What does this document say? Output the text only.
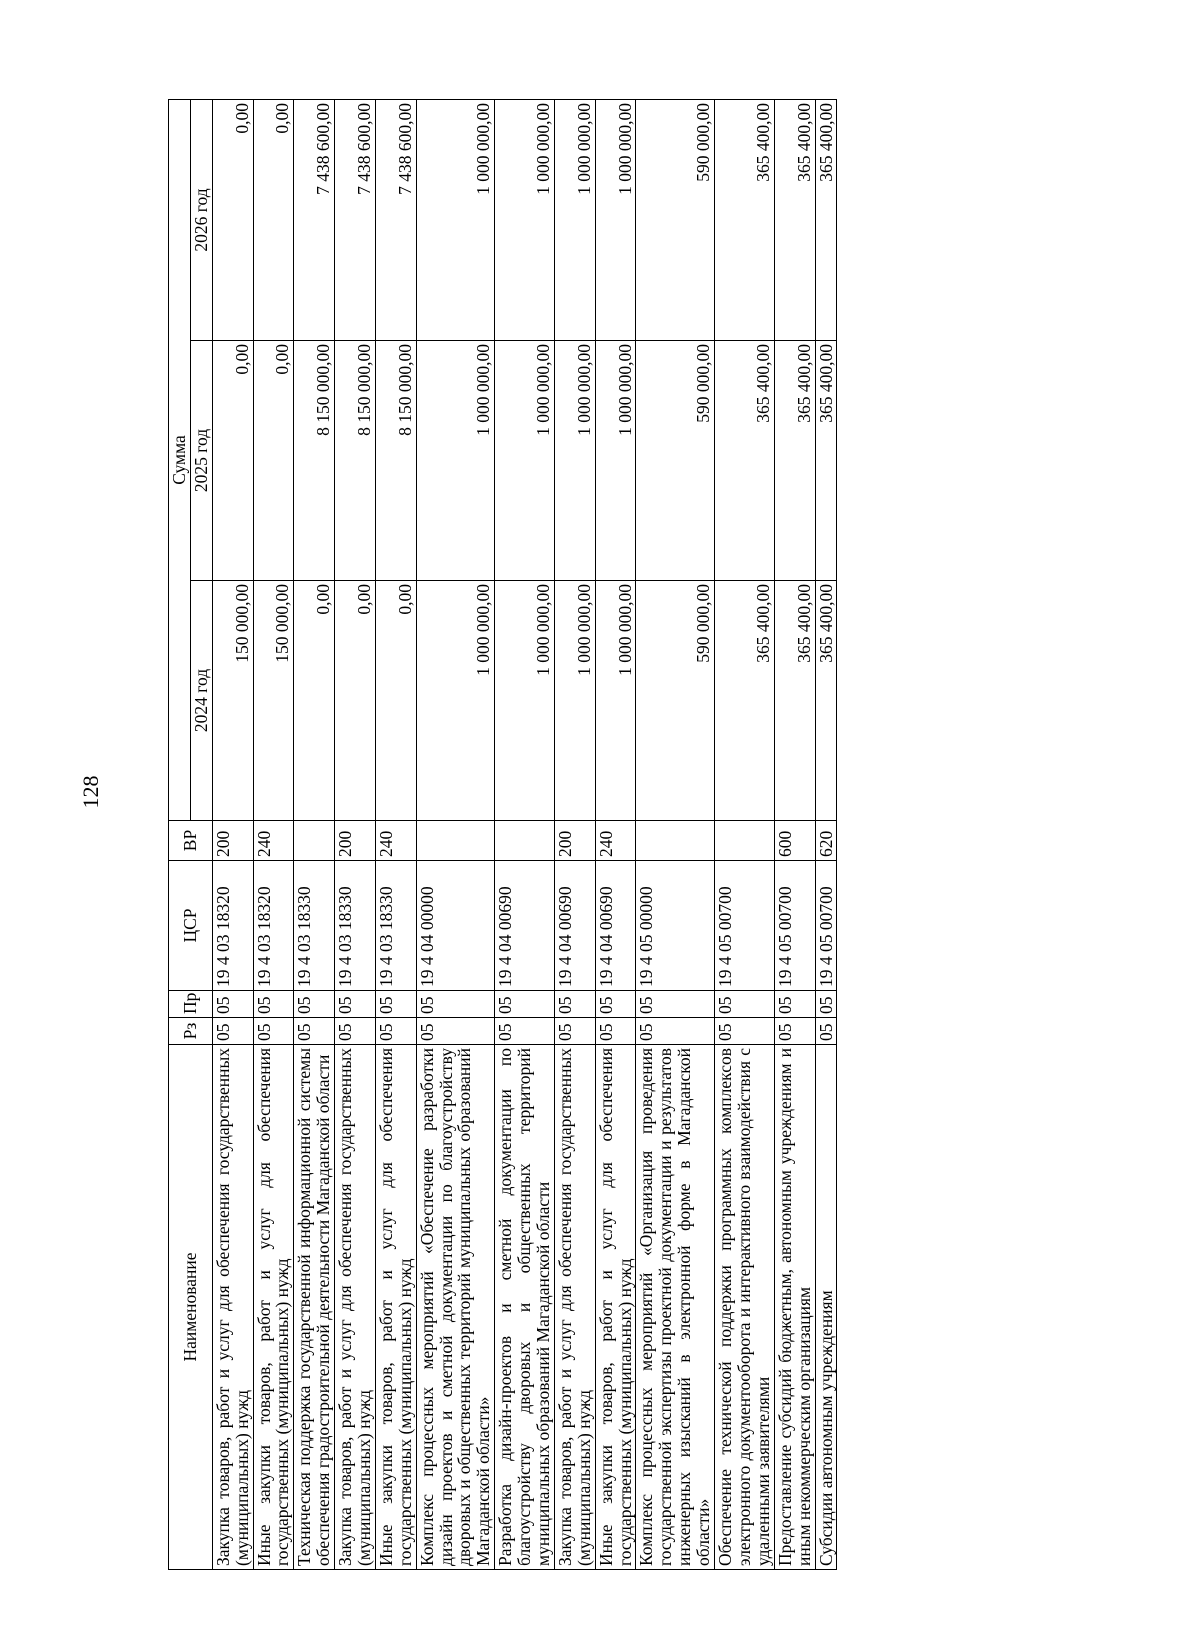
128
Наименование	Рз	Пр	ЦСР	ВР	Сумма		
					2024 год	2025 год	2026 год
Закупка товаров, работ и услуг для обеспечения государственных (муниципальных) нужд	05	05	19 4 03 18320	200	150 000,00	0,00	0,00
Иные закупки товаров, работ и услуг для обеспечения государственных (муниципальных) нужд	05	05	19 4 03 18320	240	150 000,00	0,00	0,00
Техническая поддержка государственной информационной системы обеспечения градостроительной деятельности Магаданской области	05	05	19 4 03 18330		0,00	8 150 000,00	7 438 600,00
Закупка товаров, работ и услуг для обеспечения государственных (муниципальных) нужд	05	05	19 4 03 18330	200	0,00	8 150 000,00	7 438 600,00
Иные закупки товаров, работ и услуг для обеспечения государственных (муниципальных) нужд	05	05	19 4 03 18330	240	0,00	8 150 000,00	7 438 600,00
Комплекс процессных мероприятий «Обеспечение разработки дизайн проектов и сметной документации по благоустройству дворовых и общественных территорий муниципальных образований Магаданской области»	05	05	19 4 04 00000		1 000 000,00	1 000 000,00	1 000 000,00
Разработка дизайн-проектов и сметной документации по благоустройству дворовых и общественных территорий муниципальных образований Магаданской области	05	05	19 4 04 00690		1 000 000,00	1 000 000,00	1 000 000,00
Закупка товаров, работ и услуг для обеспечения государственных (муниципальных) нужд	05	05	19 4 04 00690	200	1 000 000,00	1 000 000,00	1 000 000,00
Иные закупки товаров, работ и услуг для обеспечения государственных (муниципальных) нужд	05	05	19 4 04 00690	240	1 000 000,00	1 000 000,00	1 000 000,00
Комплекс процессных мероприятий «Организация проведения государственной экспертизы проектной документации и результатов инженерных изысканий в электронной форме в Магаданской области»	05	05	19 4 05 00000		590 000,00	590 000,00	590 000,00
Обеспечение технической поддержки программных комплексов электронного документооборота и интерактивного взаимодействия с удаленными заявителями	05	05	19 4 05 00700		365 400,00	365 400,00	365 400,00
Предоставление субсидий бюджетным, автономным учреждениям и иным некоммерческим организациям	05	05	19 4 05 00700	600	365 400,00	365 400,00	365 400,00
Субсидии автономным учреждениям	05	05	19 4 05 00700	620	365 400,00	365 400,00	365 400,00
